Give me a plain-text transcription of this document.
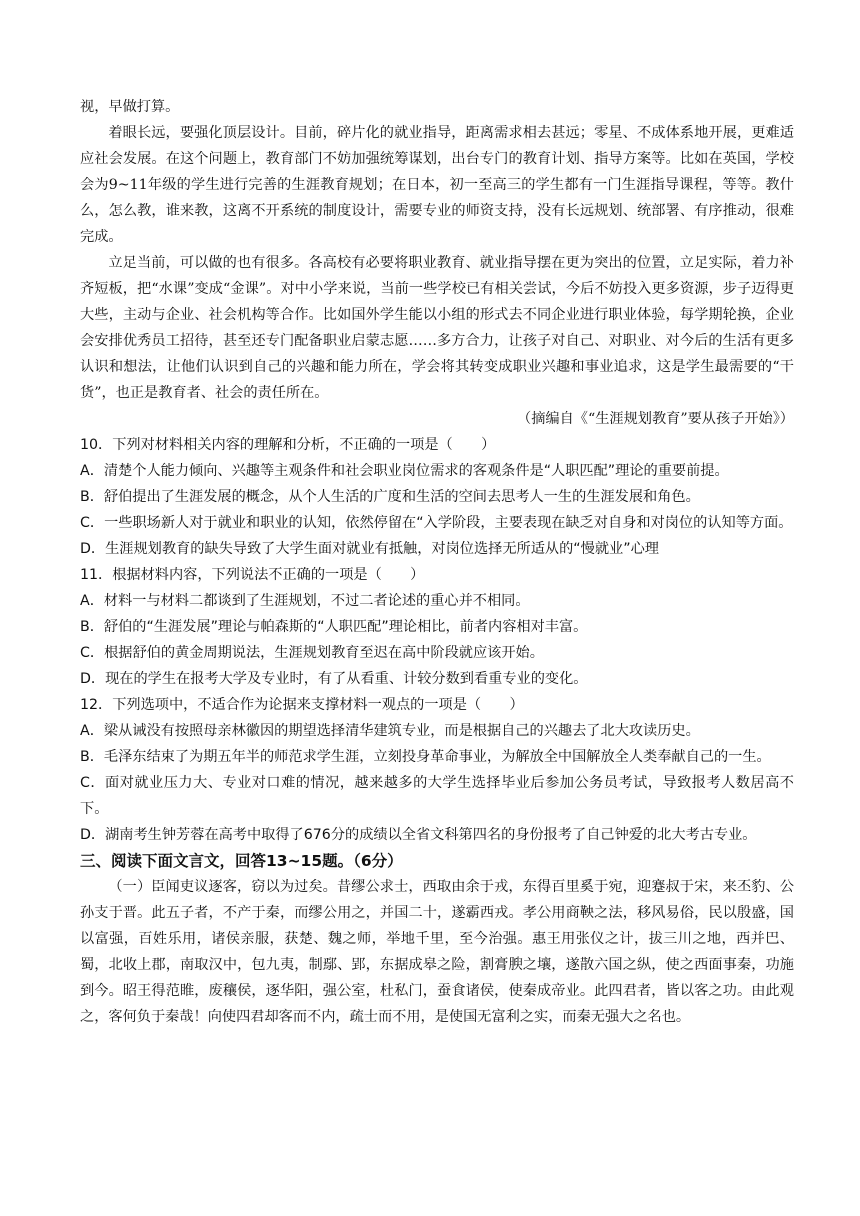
视，早做打算。

着眼长远，要强化顶层设计。目前，碎片化的就业指导，距离需求相去甚远；零星、不成体系地开展，更难适应社会发展。在这个问题上，教育部门不妨加强统筹谋划，出台专门的教育计划、指导方案等。比如在英国，学校会为9~11年级的学生进行完善的生涯教育规划；在日本，初一至高三的学生都有一门生涯指导课程，等等。教什么，怎么教，谁来教，这离不开系统的制度设计，需要专业的师资支持，没有长远规划、统部署、有序推动，很难完成。

立足当前，可以做的也有很多。各高校有必要将职业教育、就业指导摆在更为突出的位置，立足实际，着力补齐短板，把“水课”变成“金课”。对中小学来说，当前一些学校已有相关尝试，今后不妨投入更多资源，步子迈得更大些，主动与企业、社会机构等合作。比如国外学生能以小组的形式去不同企业进行职业体验，每学期轮换，企业会安排优秀员工招待，甚至还专门配备职业启蒙志愿……多方合力，让孩子对自己、对职业、对今后的生活有更多认识和想法，让他们认识到自己的兴趣和能力所在，学会将其转变成职业兴趣和事业追求，这是学生最需要的“干货”，也正是教育者、社会的责任所在。

（摘编自《“生涯规划教育”要从孩子开始》）

10．下列对材料相关内容的理解和分析，不正确的一项是（　　）

A．清楚个人能力倾向、兴趣等主观条件和社会职业岗位需求的客观条件是“人职匹配”理论的重要前提。

B．舒伯提出了生涯发展的概念，从个人生活的广度和生活的空间去思考人一生的生涯发展和角色。

C．一些职场新人对于就业和职业的认知，依然停留在“入学阶段，主要表现在缺乏对自身和对岗位的认知等方面。

D．生涯规划教育的缺失导致了大学生面对就业有抵触，对岗位选择无所适从的“慢就业”心理

11．根据材料内容，下列说法不正确的一项是（　　）

A．材料一与材料二都谈到了生涯规划，不过二者论述的重心并不相同。

B．舒伯的“生涯发展”理论与帕森斯的“人职匹配”理论相比，前者内容相对丰富。

C．根据舒伯的黄金周期说法，生涯规划教育至迟在高中阶段就应该开始。

D．现在的学生在报考大学及专业时，有了从看重、计较分数到看重专业的变化。

12．下列选项中，不适合作为论据来支撑材料一观点的一项是（　　）

A．梁从诫没有按照母亲林徽因的期望选择清华建筑专业，而是根据自己的兴趣去了北大攻读历史。

B．毛泽东结束了为期五年半的师范求学生涯，立刻投身革命事业，为解放全中国解放全人类奉献自己的一生。

C．面对就业压力大、专业对口难的情况，越来越多的大学生选择毕业后参加公务员考试，导致报考人数居高不下。

D．湖南考生钟芳蓉在高考中取得了676分的成绩以全省文科第四名的身份报考了自己钟爱的北大考古专业。

三、阅读下面文言文，回答13~15题。（6分）

（一）臣闻吏议逐客，窃以为过矣。昔缪公求士，西取由余于戎，东得百里奚于宛，迎蹇叔于宋，来丕豹、公孙支于晋。此五子者，不产于秦，而缪公用之，并国二十，遂霸西戎。孝公用商鞅之法，移风易俗，民以殷盛，国以富强，百姓乐用，诸侯亲服，获楚、魏之师，举地千里，至今治强。惠王用张仪之计，拔三川之地，西并巴、蜀，北收上郡，南取汉中，包九夷，制鄢、郢，东据成皋之险，割膏腴之壤，遂散六国之纵，使之西面事秦，功施到今。昭王得范睢，废穰侯，逐华阳，强公室，杜私门，蚕食诸侯，使秦成帝业。此四君者，皆以客之功。由此观之，客何负于秦哉！向使四君却客而不内，疏士而不用，是使国无富利之实，而秦无强大之名也。
